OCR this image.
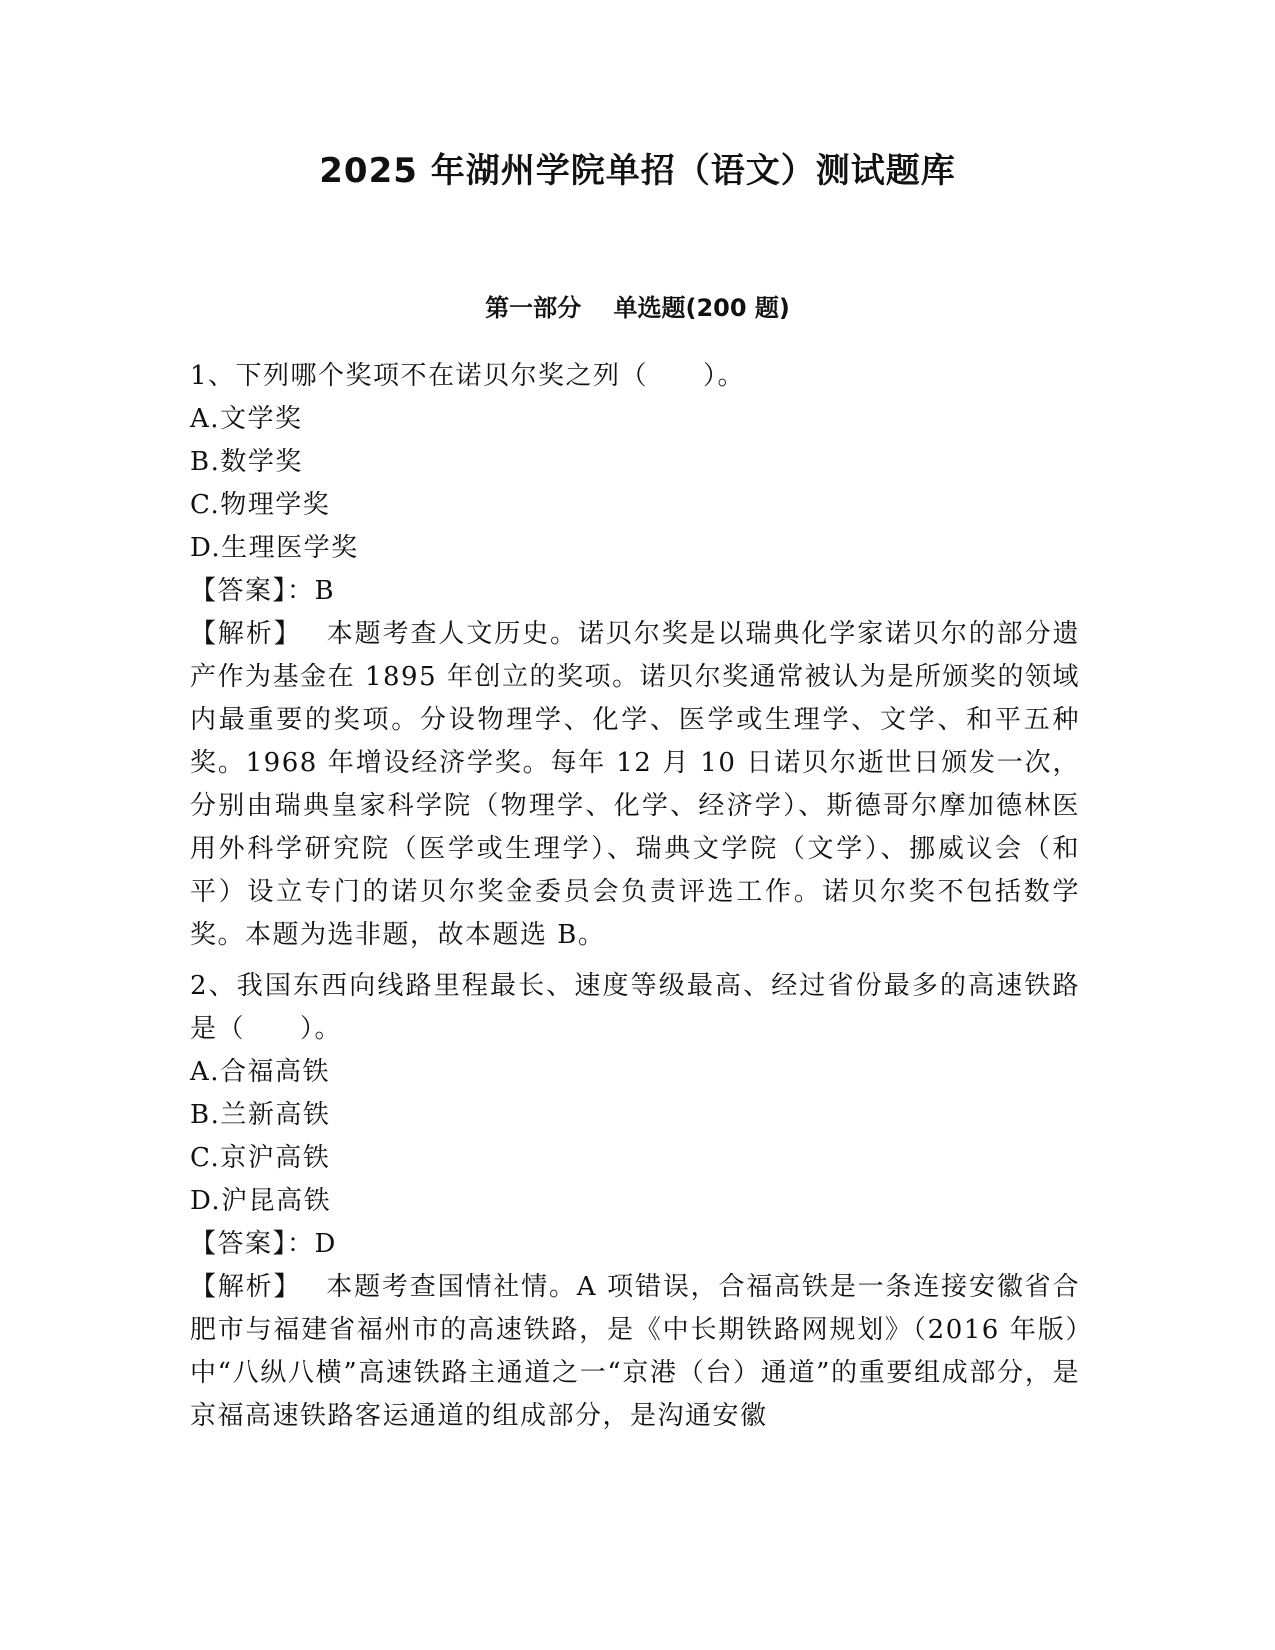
2025 年湖州学院单招（语文）测试题库
第一部分　 单选题(200 题)
1、下列哪个奖项不在诺贝尔奖之列（　　）。
A.文学奖
B.数学奖
C.物理学奖
D.生理医学奖
【答案】：B
【解析】　 本题考查人文历史。诺贝尔奖是以瑞典化学家诺贝尔的部分遗产作为基金在 1895 年创立的奖项。诺贝尔奖通常被认为是所颁奖的领域内最重要的奖项。分设物理学、化学、医学或生理学、文学、和平五种奖。1968 年增设经济学奖。每年 12 月 10 日诺贝尔逝世日颁发一次，分别由瑞典皇家科学院（物理学、化学、经济学）、斯德哥尔摩加德林医用外科学研究院（医学或生理学）、瑞典文学院（文学）、挪威议会（和平）设立专门的诺贝尔奖金委员会负责评选工作。诺贝尔奖不包括数学奖。本题为选非题，故本题选 B。
2、我国东西向线路里程最长、速度等级最高、经过省份最多的高速铁路是（　　）。
A.合福高铁
B.兰新高铁
C.京沪高铁
D.沪昆高铁
【答案】：D
【解析】　 本题考查国情社情。A 项错误，合福高铁是一条连接安徽省合肥市与福建省福州市的高速铁路，是《中长期铁路网规划》（2016 年版）中“八纵八横”高速铁路主通道之一“京港（台）通道”的重要组成部分，是京福高速铁路客运通道的组成部分，是沟通安徽
